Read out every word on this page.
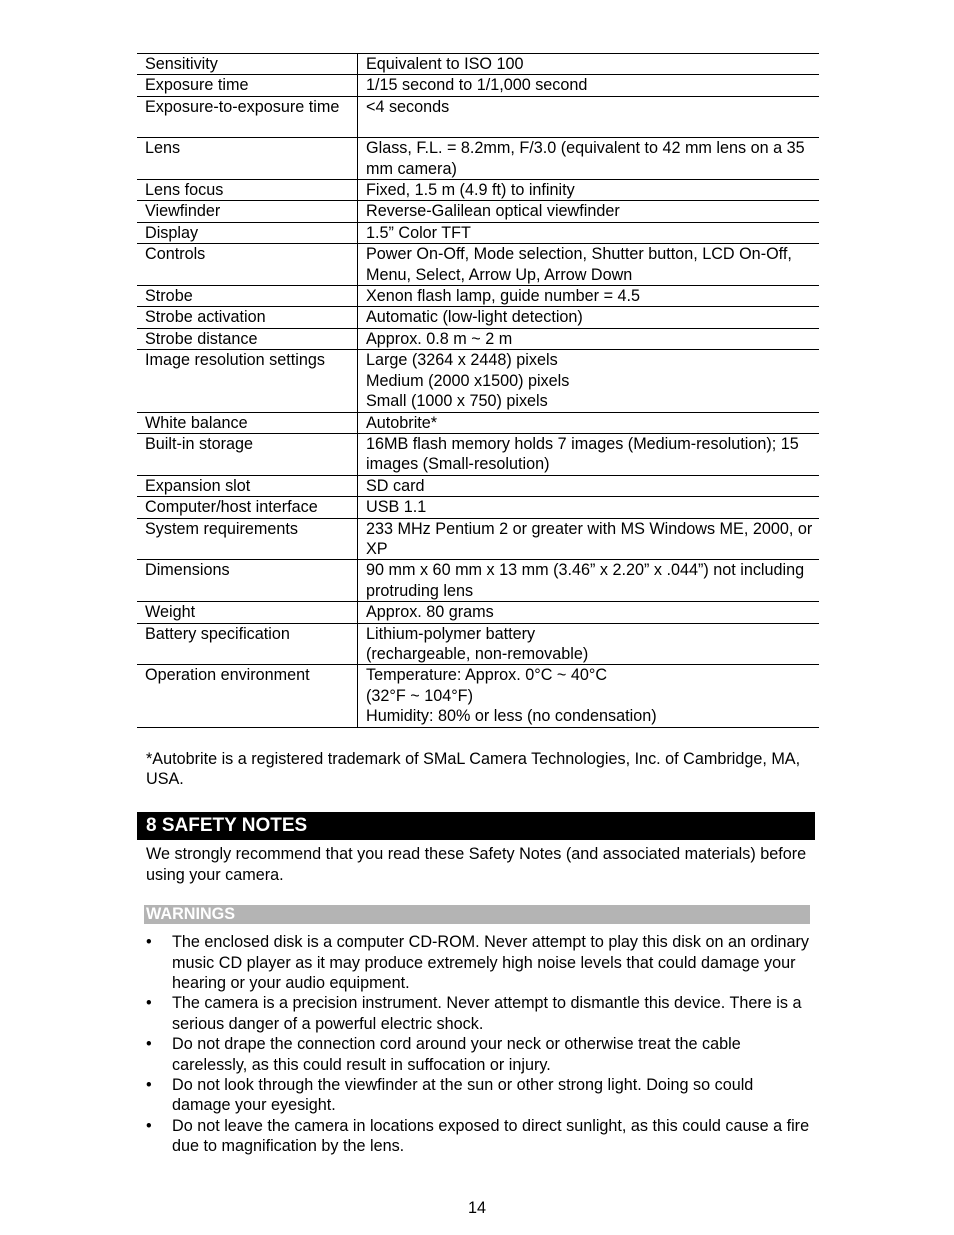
Sensitivity	Equivalent to ISO 100

Exposure time	1/15 second to 1/1,000 second

Exposure-to-exposure time	<4 seconds

Lens	Glass, F.L. = 8.2mm, F/3.0 (equivalent to 42 mm lens on a 35 mm camera)

Lens focus	Fixed, 1.5 m (4.9 ft) to infinity

Viewfinder	Reverse-Galilean optical viewfinder

Display	1.5” Color TFT

Controls	Power On-Off, Mode selection, Shutter button, LCD On-Off, Menu, Select, Arrow Up, Arrow Down

Strobe	Xenon flash lamp, guide number = 4.5

Strobe activation	Automatic (low-light detection)

Strobe distance	Approx. 0.8 m ~ 2 m

Image resolution settings	Large (3264 x 2448) pixels
Medium (2000 x1500) pixels
Small (1000 x 750) pixels

White balance	Autobrite*

Built-in storage	16MB flash memory holds 7 images (Medium-resolution); 15 images (Small-resolution)

Expansion slot	SD card

Computer/host interface	USB 1.1

System requirements	233 MHz Pentium 2 or greater with MS Windows ME, 2000, or XP

Dimensions	90 mm x 60 mm x 13 mm (3.46” x 2.20” x .044”) not including protruding lens

Weight	Approx. 80 grams

Battery specification	Lithium-polymer battery
(rechargeable, non-removable)

Operation environment	Temperature: Approx. 0°C ~ 40°C
(32°F ~ 104°F)
Humidity: 80% or less (no condensation)
*Autobrite is a registered trademark of SMaL Camera Technologies, Inc. of Cambridge, MA, USA.
8 SAFETY NOTES
We strongly recommend that you read these Safety Notes (and associated materials) before using your camera.
WARNINGS
• The enclosed disk is a computer CD-ROM. Never attempt to play this disk on an ordinary music CD player as it may produce extremely high noise levels that could damage your hearing or your audio equipment.
• The camera is a precision instrument. Never attempt to dismantle this device. There is a serious danger of a powerful electric shock.
• Do not drape the connection cord around your neck or otherwise treat the cable carelessly, as this could result in suffocation or injury.
• Do not look through the viewfinder at the sun or other strong light. Doing so could damage your eyesight.
• Do not leave the camera in locations exposed to direct sunlight, as this could cause a fire due to magnification by the lens.
14
